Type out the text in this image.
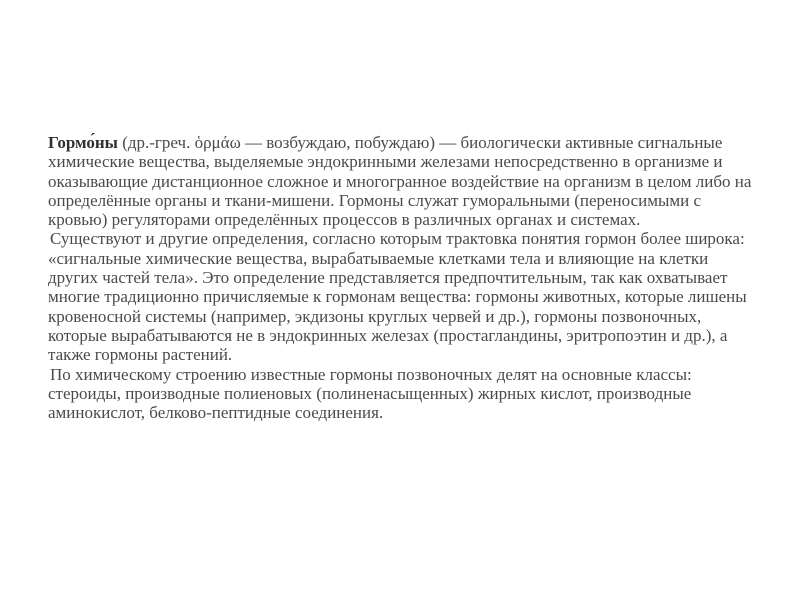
Гормо́ны (др.-греч. ὁρμάω — возбуждаю, побуждаю) — биологически активные сигнальные химические вещества, выделяемые эндокринными железами непосредственно в организме и оказывающие дистанционное сложное и многогранное воздействие на организм в целом либо на определённые органы и ткани-мишени. Гормоны служат гуморальными (переносимыми с кровью) регуляторами определённых процессов в различных органах и системах.

Существуют и другие определения, согласно которым трактовка понятия гормон более широка: «сигнальные химические вещества, вырабатываемые клетками тела и влияющие на клетки других частей тела». Это определение представляется предпочтительным, так как охватывает многие традиционно причисляемые к гормонам вещества: гормоны животных, которые лишены кровеносной системы (например, экдизоны круглых червей и др.), гормоны позвоночных, которые вырабатываются не в эндокринных железах (простагландины, эритропоэтин и др.), а также гормоны растений.

По химическому строению известные гормоны позвоночных делят на основные классы: стероиды, производные полиеновых (полиненасыщенных) жирных кислот, производные аминокислот, белково-пептидные соединения.
